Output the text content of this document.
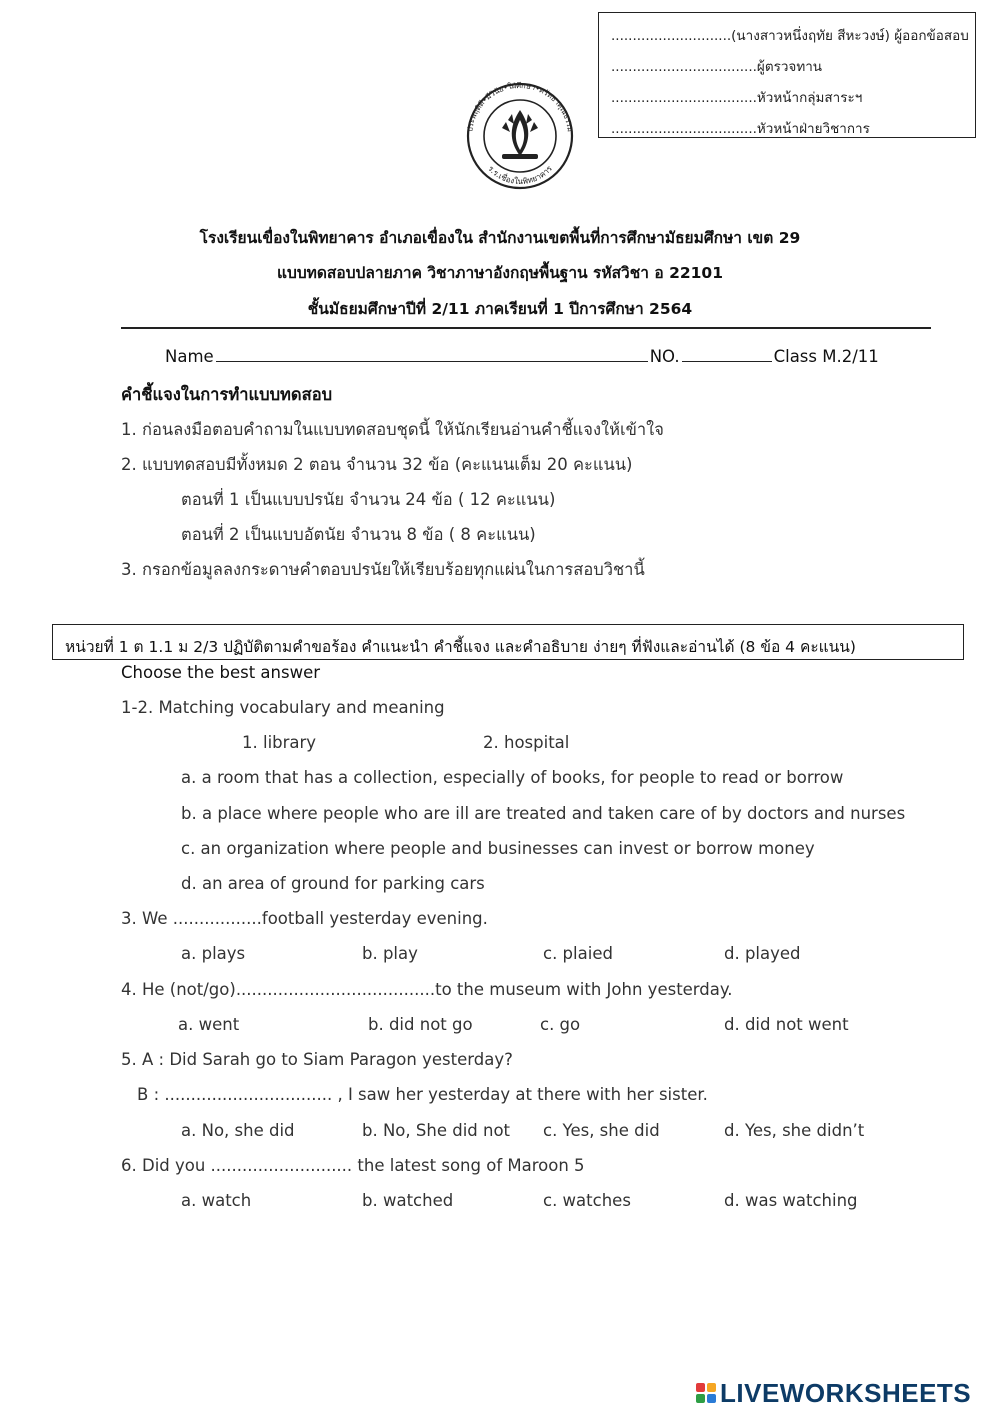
............................(นางสาวหนึ่งฤทัย สีหะวงษ์) ผู้ออกข้อสอบ
..................................ผู้ตรวจทาน
..................................หัวหน้ากลุ่มสาระฯ
..................................หัวหน้าฝ่ายวิชาการ
ประพฤติดี•มีวินัย•ใฝ่ศึกษา•ศรัทธาคุณธรรม
ร.ร.เชื่องในพิทยาคาร
โรงเรียนเขื่องในพิทยาคาร อำเภอเขื่องใน สำนักงานเขตพื้นที่การศึกษามัธยมศึกษา เขต 29
แบบทดสอบปลายภาค วิชาภาษาอังกฤษพื้นฐาน รหัสวิชา อ 22101
ชั้นมัธยมศึกษาปีที่ 2/11 ภาคเรียนที่ 1 ปีการศึกษา 2564
Name	NO.	Class M.2/11
คำชี้แจงในการทำแบบทดสอบ
1. ก่อนลงมือตอบคำถามในแบบทดสอบชุดนี้ ให้นักเรียนอ่านคำชี้แจงให้เข้าใจ
2. แบบทดสอบมีทั้งหมด 2 ตอน จำนวน 32 ข้อ (คะแนนเต็ม 20 คะแนน)
ตอนที่ 1 เป็นแบบปรนัย จำนวน 24 ข้อ ( 12 คะแนน)
ตอนที่ 2 เป็นแบบอัตนัย จำนวน 8 ข้อ ( 8 คะแนน)
3. กรอกข้อมูลลงกระดาษคำตอบปรนัยให้เรียบร้อยทุกแผ่นในการสอบวิชานี้
หน่วยที่ 1 ต 1.1 ม 2/3 ปฏิบัติตามคำขอร้อง คำแนะนำ คำชี้แจง และคำอธิบาย ง่ายๆ ที่ฟังและอ่านได้ (8 ข้อ 4 คะแนน)
Choose the best answer
1-2. Matching vocabulary and meaning
1. library	2. hospital
a. a room that has a collection, especially of books, for people to read or borrow
b. a place where people who are ill are treated and taken care of by doctors and nurses
c. an organization where people and businesses can invest or borrow money
d. an area of ground for parking cars
3. We .................football yesterday evening.
a. plays	b. play	c. plaied	d. played
4. He (not/go)......................................to the museum with John yesterday.
a. went	b. did not go	c. go	d. did not went
5. A : Did Sarah go to Siam Paragon yesterday?
B : ................................ , I saw her yesterday at there with her sister.
a. No, she did	b. No, She did not c. Yes, she did	d. Yes, she didn’t
6. Did you ........................... the latest song of Maroon 5
a. watch	b. watched	c. watches	d. was watching
LIVEWORKSHEETS
